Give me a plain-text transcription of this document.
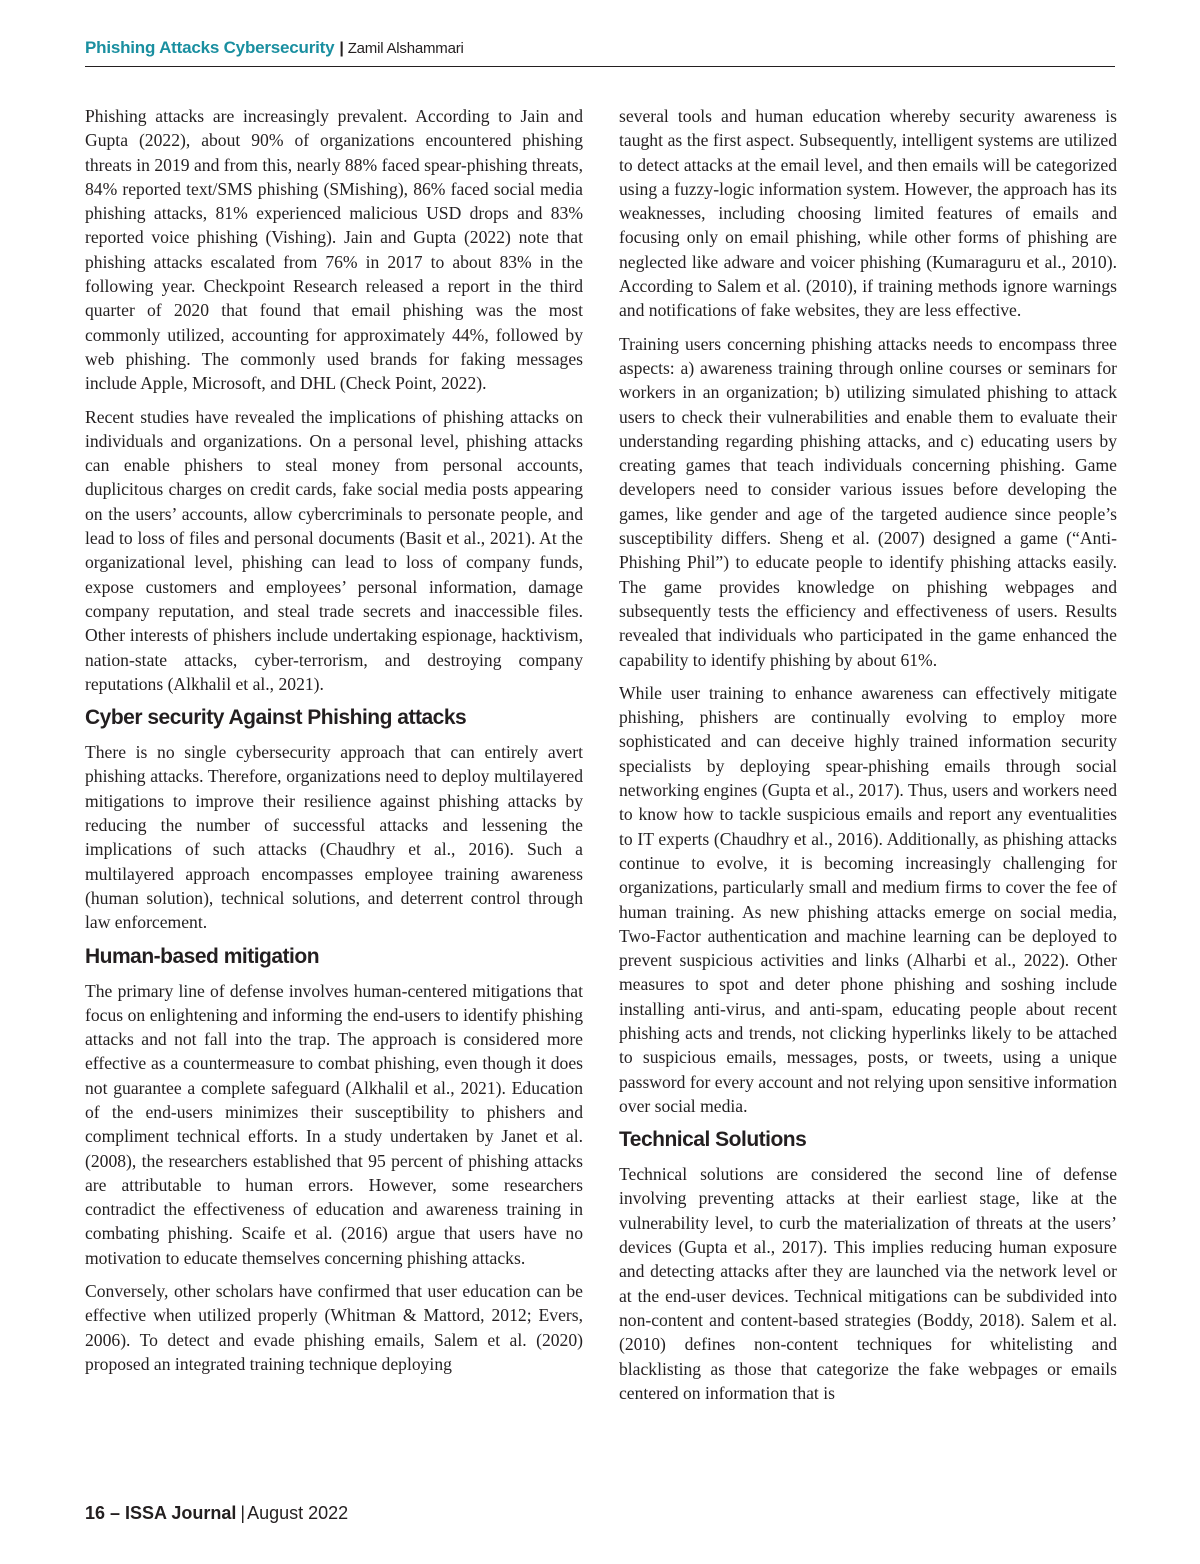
Phishing Attacks Cybersecurity | Zamil Alshammari

Phishing attacks are increasingly prevalent. According to Jain and Gupta (2022), about 90% of organizations encountered phishing threats in 2019 and from this, nearly 88% faced spear-phishing threats, 84% reported text/SMS phishing (SMishing), 86% faced social media phishing attacks, 81% experienced malicious USD drops and 83% reported voice phishing (Vishing). Jain and Gupta (2022) note that phishing attacks escalated from 76% in 2017 to about 83% in the following year. Checkpoint Research released a report in the third quarter of 2020 that found that email phishing was the most commonly utilized, accounting for approximately 44%, followed by web phishing. The commonly used brands for faking messages include Apple, Microsoft, and DHL (Check Point, 2022).

Recent studies have revealed the implications of phishing attacks on individuals and organizations. On a personal level, phishing attacks can enable phishers to steal money from personal accounts, duplicitous charges on credit cards, fake social media posts appearing on the users’ accounts, allow cybercriminals to personate people, and lead to loss of files and personal documents (Basit et al., 2021). At the organizational level, phishing can lead to loss of company funds, expose customers and employees’ personal information, damage company reputation, and steal trade secrets and inaccessible files. Other interests of phishers include undertaking espionage, hacktivism, nation-state attacks, cyber-terrorism, and destroying company reputations (Alkhalil et al., 2021).

Cyber security Against Phishing attacks

There is no single cybersecurity approach that can entirely avert phishing attacks. Therefore, organizations need to deploy multilayered mitigations to improve their resilience against phishing attacks by reducing the number of successful attacks and lessening the implications of such attacks (Chaudhry et al., 2016). Such a multilayered approach encompasses employee training awareness (human solution), technical solutions, and deterrent control through law enforcement.

Human-based mitigation

The primary line of defense involves human-centered mitigations that focus on enlightening and informing the end-users to identify phishing attacks and not fall into the trap. The approach is considered more effective as a countermeasure to combat phishing, even though it does not guarantee a complete safeguard (Alkhalil et al., 2021). Education of the end-users minimizes their susceptibility to phishers and compliment technical efforts. In a study undertaken by Janet et al. (2008), the researchers established that 95 percent of phishing attacks are attributable to human errors. However, some researchers contradict the effectiveness of education and awareness training in combating phishing. Scaife et al. (2016) argue that users have no motivation to educate themselves concerning phishing attacks.

Conversely, other scholars have confirmed that user education can be effective when utilized properly (Whitman & Mattord, 2012; Evers, 2006). To detect and evade phishing emails, Salem et al. (2020) proposed an integrated training technique deploying

several tools and human education whereby security awareness is taught as the first aspect. Subsequently, intelligent systems are utilized to detect attacks at the email level, and then emails will be categorized using a fuzzy-logic information system. However, the approach has its weaknesses, including choosing limited features of emails and focusing only on email phishing, while other forms of phishing are neglected like adware and voicer phishing (Kumaraguru et al., 2010). According to Salem et al. (2010), if training methods ignore warnings and notifications of fake websites, they are less effective.

Training users concerning phishing attacks needs to encompass three aspects: a) awareness training through online courses or seminars for workers in an organization; b) utilizing simulated phishing to attack users to check their vulnerabilities and enable them to evaluate their understanding regarding phishing attacks, and c) educating users by creating games that teach individuals concerning phishing. Game developers need to consider various issues before developing the games, like gender and age of the targeted audience since people’s susceptibility differs. Sheng et al. (2007) designed a game (“Anti-Phishing Phil”) to educate people to identify phishing attacks easily. The game provides knowledge on phishing webpages and subsequently tests the efficiency and effectiveness of users. Results revealed that individuals who participated in the game enhanced the capability to identify phishing by about 61%.

While user training to enhance awareness can effectively mitigate phishing, phishers are continually evolving to employ more sophisticated and can deceive highly trained information security specialists by deploying spear-phishing emails through social networking engines (Gupta et al., 2017). Thus, users and workers need to know how to tackle suspicious emails and report any eventualities to IT experts (Chaudhry et al., 2016). Additionally, as phishing attacks continue to evolve, it is becoming increasingly challenging for organizations, particularly small and medium firms to cover the fee of human training. As new phishing attacks emerge on social media, Two-Factor authentication and machine learning can be deployed to prevent suspicious activities and links (Alharbi et al., 2022). Other measures to spot and deter phone phishing and soshing include installing anti-virus, and anti-spam, educating people about recent phishing acts and trends, not clicking hyperlinks likely to be attached to suspicious emails, messages, posts, or tweets, using a unique password for every account and not relying upon sensitive information over social media.

Technical Solutions

Technical solutions are considered the second line of defense involving preventing attacks at their earliest stage, like at the vulnerability level, to curb the materialization of threats at the users’ devices (Gupta et al., 2017). This implies reducing human exposure and detecting attacks after they are launched via the network level or at the end-user devices. Technical mitigations can be subdivided into non-content and content-based strategies (Boddy, 2018). Salem et al. (2010) defines non-content techniques for whitelisting and blacklisting as those that categorize the fake webpages or emails centered on information that is

16 – ISSA Journal | August 2022
